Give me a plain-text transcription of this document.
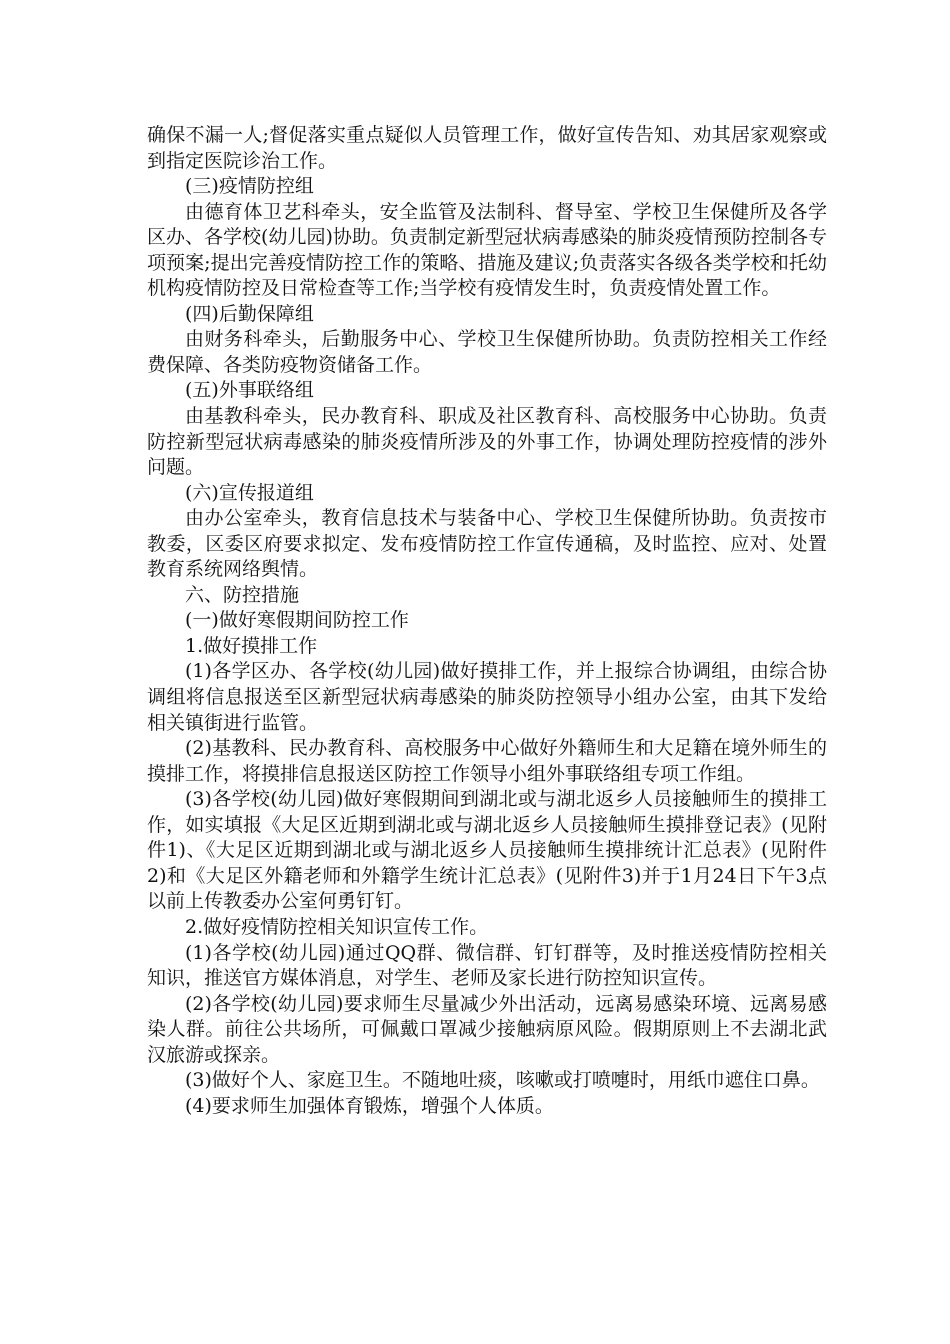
确保不漏一人;督促落实重点疑似人员管理工作，做好宣传告知、劝其居家观察或到指定医院诊治工作。

(三)疫情防控组

由德育体卫艺科牵头，安全监管及法制科、督导室、学校卫生保健所及各学区办、各学校(幼儿园)协助。负责制定新型冠状病毒感染的肺炎疫情预防控制各专项预案;提出完善疫情防控工作的策略、措施及建议;负责落实各级各类学校和托幼机构疫情防控及日常检查等工作;当学校有疫情发生时，负责疫情处置工作。

(四)后勤保障组

由财务科牵头，后勤服务中心、学校卫生保健所协助。负责防控相关工作经费保障、各类防疫物资储备工作。

(五)外事联络组

由基教科牵头，民办教育科、职成及社区教育科、高校服务中心协助。负责防控新型冠状病毒感染的肺炎疫情所涉及的外事工作，协调处理防控疫情的涉外问题。

(六)宣传报道组

由办公室牵头，教育信息技术与装备中心、学校卫生保健所协助。负责按市教委，区委区府要求拟定、发布疫情防控工作宣传通稿，及时监控、应对、处置教育系统网络舆情。

六、防控措施

(一)做好寒假期间防控工作

1.做好摸排工作

(1)各学区办、各学校(幼儿园)做好摸排工作，并上报综合协调组，由综合协调组将信息报送至区新型冠状病毒感染的肺炎防控领导小组办公室，由其下发给相关镇街进行监管。

(2)基教科、民办教育科、高校服务中心做好外籍师生和大足籍在境外师生的摸排工作，将摸排信息报送区防控工作领导小组外事联络组专项工作组。

(3)各学校(幼儿园)做好寒假期间到湖北或与湖北返乡人员接触师生的摸排工作，如实填报《大足区近期到湖北或与湖北返乡人员接触师生摸排登记表》(见附件1)、《大足区近期到湖北或与湖北返乡人员接触师生摸排统计汇总表》(见附件2)和《大足区外籍老师和外籍学生统计汇总表》(见附件3)并于1月24日下午3点以前上传教委办公室何勇钉钉。

2.做好疫情防控相关知识宣传工作。

(1)各学校(幼儿园)通过QQ群、微信群、钉钉群等，及时推送疫情防控相关知识，推送官方媒体消息，对学生、老师及家长进行防控知识宣传。

(2)各学校(幼儿园)要求师生尽量减少外出活动，远离易感染环境、远离易感染人群。前往公共场所，可佩戴口罩减少接触病原风险。假期原则上不去湖北武汉旅游或探亲。

(3)做好个人、家庭卫生。不随地吐痰，咳嗽或打喷嚏时，用纸巾遮住口鼻。

(4)要求师生加强体育锻炼，增强个人体质。
